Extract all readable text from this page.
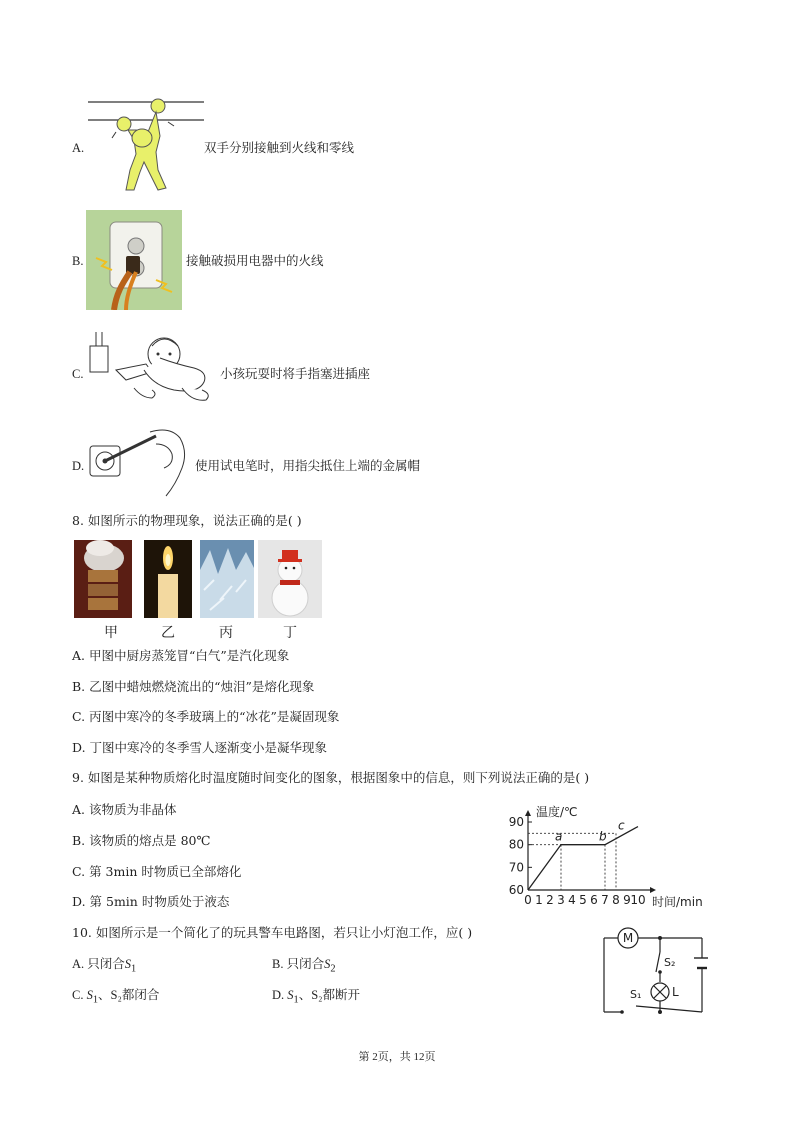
A.	双手分别接触到火线和零线
B.	接触破损用电器中的火线
C.	小孩玩耍时将手指塞进插座
D.	使用试电笔时，用指尖抵住上端的金属帽
8. 如图所示的物理现象，说法正确的是( )
甲	乙	丙	丁
A. 甲图中厨房蒸笼冒“白气”是汽化现象
B. 乙图中蜡烛燃烧流出的“烛泪”是熔化现象
C. 丙图中寒冷的冬季玻璃上的“冰花”是凝固现象
D. 丁图中寒冷的冬季雪人逐渐变小是凝华现象
9. 如图是某种物质熔化时温度随时间变化的图象，根据图象中的信息，则下列说法正确的是( )
A. 该物质为非晶体
B. 该物质的熔点是 80℃
C. 第 3min 时物质已全部熔化
D. 第 5min 时物质处于液态
温度/℃
时间/min
60
70
80
90
0 1 2 3 4 5 6 7 8 9 10
a	b
c
10. 如图所示是一个简化了的玩具警车电路图，若只让小灯泡工作，应( )
A. 只闭合$S_1$	B. 只闭合$S_2$
C. $S_1$、S₂都闭合	D. $S_1$、S₂都断开
M
S₂
S₁	L
第 2页，共 12页
